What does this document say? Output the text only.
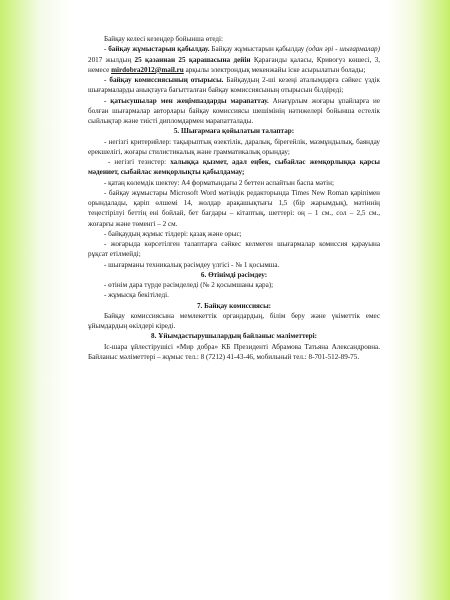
Байқау келесі кезеңдер бойынша өтеді:

- байқау жұмыстарын қабылдау. Байқау жұмыстарын қабылдау (одан әрі - шығармалар) 2017 жылдың 25 қазаннан 25 қарашасына дейін Қарағанды қаласы, Кривогуз көшесі, 3, немесе mirdobra2012@mail.ru арқылы электрондық мекенжайы іске асырылатын болады;

- байқау комиссиясының отырысы. Байқаудың 2-ші кезеңі аталымдарға сәйкес үздік шығармаларды анықтауға бағытталған байқау комиссиясының отырысын білдіреді;

- қатысушылар мен жеңімпаздарды марапаттау. Анағұрлым жоғары ұпайларға ие болған шығармалар авторлары байқау комиссиясы шешімінің нәтижелері бойынша естелік сыйлықтар және тиісті дипломдармен марапатталады.

5. Шығармаға қойылатын талаптар:

- негізгі критерийлер: тақырыптық өзектілік, даралық, бірегейлік, мазмұндылық, баяндау ерекшелігі, жоғары стилистикалық және грамматикалық орындау;

- негізгі тезистер: халыққа қызмет, адал еңбек, сыбайлас жемқорлыққа қарсы мәдениет, сыбайлас жемқорлықты қабылдамау;

- қатаң көлемдік шектеу: А4 форматындағы 2 беттен аспайтын баспа мәтін;

- байқау жұмыстары Microsoft Word мәтіндік редакторында Times New Roman қаріпімен орындалады, қаріп өлшемі 14, жолдар арақашықтығы 1,5 (бір жарымдық), мәтіннің теңестірілуі беттің ені бойлай, бет бағдары – кітаптық, шеттері: оң – 1 см., сол – 2,5 см., жоғарғы және төменгі – 2 см.

- байқаудың жұмыс тілдері: қазақ және орыс;

- жоғарыда көрсетілген талаптарға сәйкес келмеген шығармалар комиссия қарауына рұқсат етілмейді;

- шығарманы техникалық рәсімдеу үлгісі - № 1 қосымша.

6. Өтінімді рәсімдеу:

- өтінім дара түрде рәсімделеді (№ 2 қосымшаны қара);

- жұмысқа бекітіледі.

7. Байқау комиссиясы:

Байқау комиссиясына мемлекеттік органдардың, білім беру және үкіметтік емес ұйымдардың өкілдері кіреді.

8. Ұйымдастырушылардың байланыс мәліметтері:

Іс-шара ұйлестірушісі «Мир добра» КБ Президенті Абрамова Татьяна Александровна. Байланыс мәліметтері – жұмыс тел.: 8 (7212) 41-43-46, мобильный тел.: 8-701-512-89-75.
